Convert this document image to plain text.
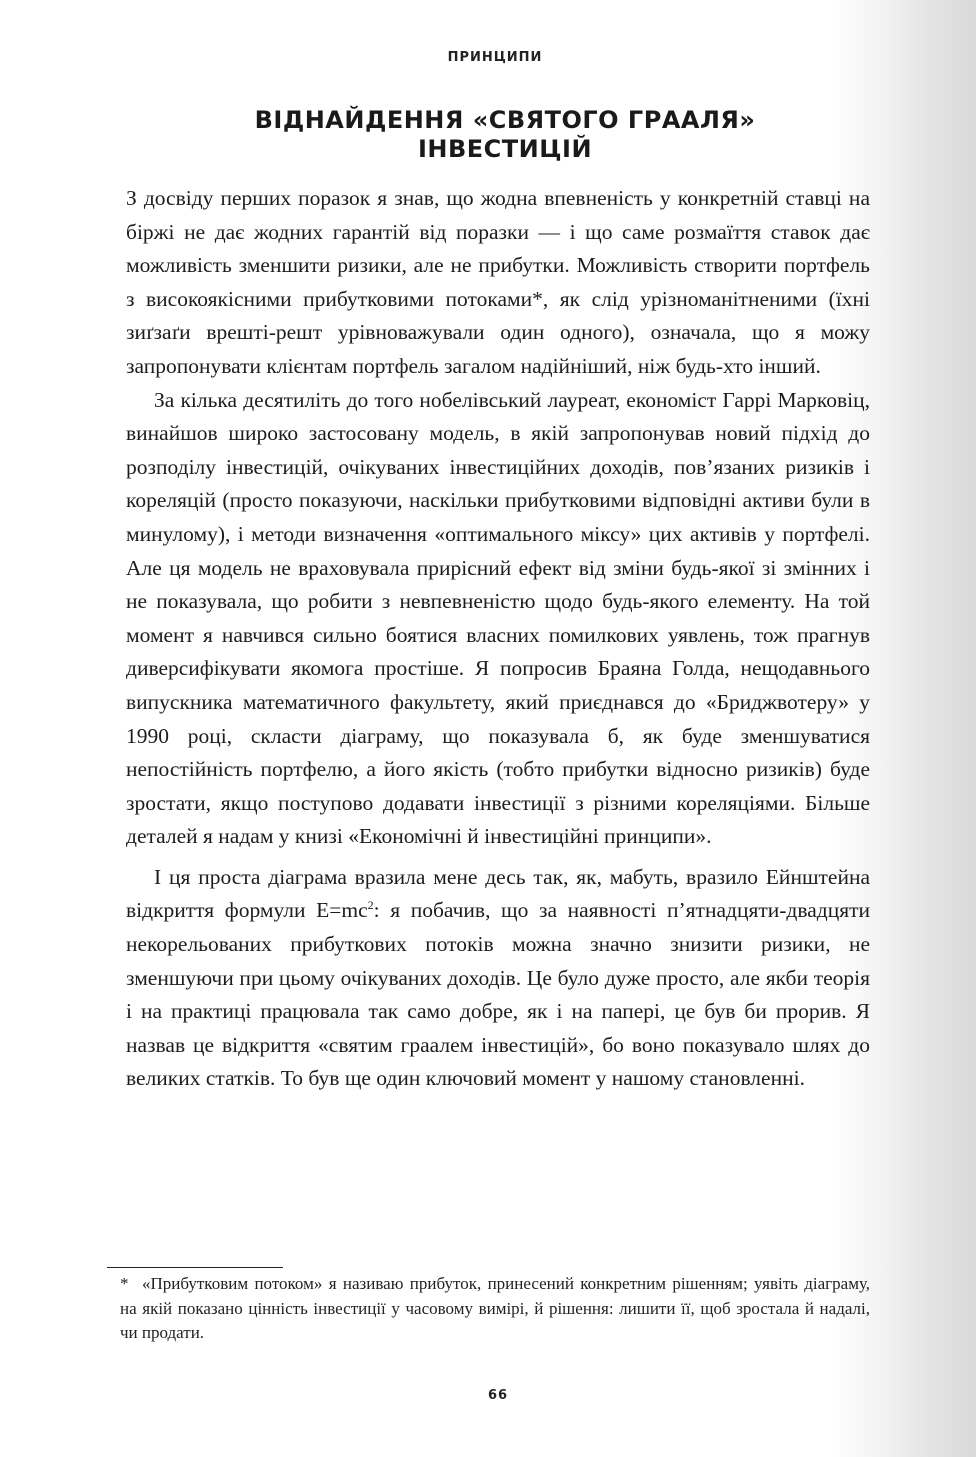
ПРИНЦИПИ
ВІДНАЙДЕННЯ «СВЯТОГО ГРААЛЯ»
ІНВЕСТИЦІЙ

З досвіду перших поразок я знав, що жодна впевненість у конкретній ставці на біржі не дає жодних гарантій від поразки — і що саме розмаїття ставок дає можливість зменшити ризики, але не прибутки. Можливість створити портфель з високоякісними прибутковими потоками*, як слід урізноманітненими (їхні зиґзаґи врешті-решт урівноважували один одного), означала, що я можу запропонувати клієнтам портфель загалом надійніший, ніж будь-хто інший.

За кілька десятиліть до того нобелівський лауреат, економіст Гаррі Марковіц, винайшов широко застосовану модель, в якій запропонував новий підхід до розподілу інвестицій, очікуваних інвестиційних доходів, пов’язаних ризиків і кореляцій (просто показуючи, наскільки прибутковими відповідні активи були в минулому), і методи визначення «оптимального міксу» цих активів у портфелі. Але ця модель не враховувала прирісний ефект від зміни будь-якої зі змінних і не показувала, що робити з невпевненістю щодо будь-якого елементу. На той момент я навчився сильно боятися власних помилкових уявлень, тож прагнув диверсифікувати якомога простіше. Я попросив Браяна Голда, нещодавнього випускника математичного факультету, який приєднався до «Бриджвотеру» у 1990 році, скласти діаграму, що показувала б, як буде зменшуватися непостійність портфелю, а його якість (тобто прибутки відносно ризиків) буде зростати, якщо поступово додавати інвестиції з різними кореляціями. Більше деталей я надам у книзі «Економічні й інвестиційні принципи».

І ця проста діаграма вразила мене десь так, як, мабуть, вразило Ейнштейна відкриття формули $E=mc^2$: я побачив, що за наявності п’ятнадцяти-двадцяти некорельованих прибуткових потоків можна значно знизити ризики, не зменшуючи при цьому очікуваних доходів. Це було дуже просто, але якби теорія і на практиці працювала так само добре, як і на папері, це був би прорив. Я назвав це відкриття «святим граалем інвестицій», бо воно показувало шлях до великих статків. То був ще один ключовий момент у нашому становленні.

* «Прибутковим потоком» я називаю прибуток, принесений конкретним рішенням; уявіть діаграму, на якій показано цінність інвестиції у часовому вимірі, й рішення: лишити її, щоб зростала й надалі, чи продати.
66
